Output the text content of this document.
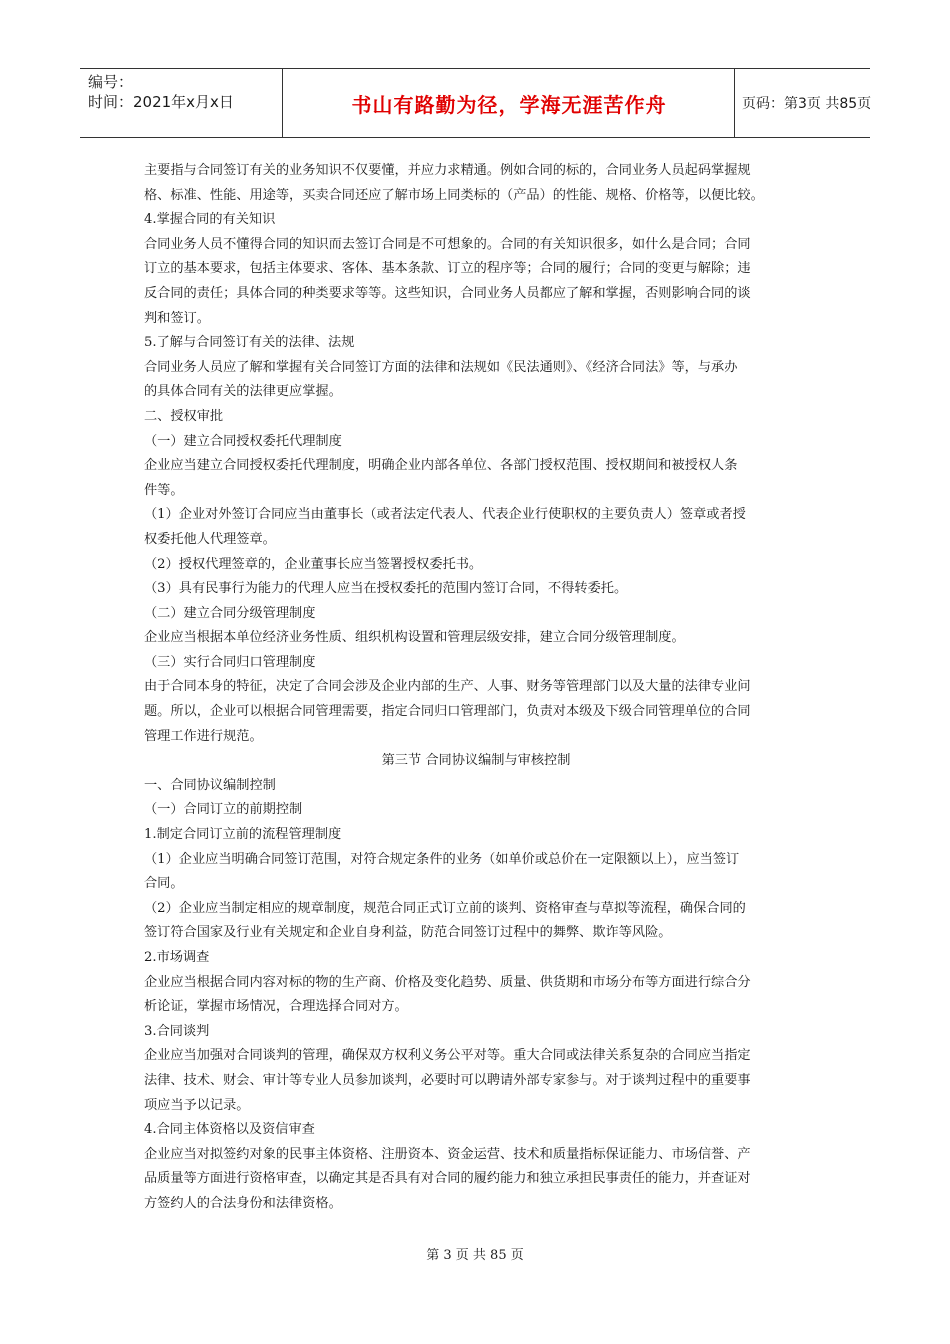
编号：
时间：2021年x月x日	书山有路勤为径，学海无涯苦作舟	页码：第3页 共85页

主要指与合同签订有关的业务知识不仅要懂，并应力求精通。例如合同的标的，合同业务人员起码掌握规

格、标准、性能、用途等，买卖合同还应了解市场上同类标的（产品）的性能、规格、价格等，以便比较。

4.掌握合同的有关知识

合同业务人员不懂得合同的知识而去签订合同是不可想象的。合同的有关知识很多，如什么是合同；合同

订立的基本要求，包括主体要求、客体、基本条款、订立的程序等；合同的履行；合同的变更与解除；违

反合同的责任；具体合同的种类要求等等。这些知识，合同业务人员都应了解和掌握，否则影响合同的谈

判和签订。

5.了解与合同签订有关的法律、法规

合同业务人员应了解和掌握有关合同签订方面的法律和法规如《民法通则》、《经济合同法》等，与承办

的具体合同有关的法律更应掌握。

二、授权审批

（一）建立合同授权委托代理制度

企业应当建立合同授权委托代理制度，明确企业内部各单位、各部门授权范围、授权期间和被授权人条

件等。

（1）企业对外签订合同应当由董事长（或者法定代表人、代表企业行使职权的主要负责人）签章或者授

权委托他人代理签章。

（2）授权代理签章的，企业董事长应当签署授权委托书。

（3）具有民事行为能力的代理人应当在授权委托的范围内签订合同，不得转委托。

（二）建立合同分级管理制度

企业应当根据本单位经济业务性质、组织机构设置和管理层级安排，建立合同分级管理制度。

（三）实行合同归口管理制度

由于合同本身的特征，决定了合同会涉及企业内部的生产、人事、财务等管理部门以及大量的法律专业问

题。所以，企业可以根据合同管理需要，指定合同归口管理部门，负责对本级及下级合同管理单位的合同

管理工作进行规范。

第三节 合同协议编制与审核控制

一、合同协议编制控制

（一）合同订立的前期控制

1.制定合同订立前的流程管理制度

（1）企业应当明确合同签订范围，对符合规定条件的业务（如单价或总价在一定限额以上），应当签订

合同。

（2）企业应当制定相应的规章制度，规范合同正式订立前的谈判、资格审查与草拟等流程，确保合同的

签订符合国家及行业有关规定和企业自身利益，防范合同签订过程中的舞弊、欺诈等风险。

2.市场调查

企业应当根据合同内容对标的物的生产商、价格及变化趋势、质量、供货期和市场分布等方面进行综合分

析论证，掌握市场情况，合理选择合同对方。

3.合同谈判

企业应当加强对合同谈判的管理，确保双方权利义务公平对等。重大合同或法律关系复杂的合同应当指定

法律、技术、财会、审计等专业人员参加谈判，必要时可以聘请外部专家参与。对于谈判过程中的重要事

项应当予以记录。

4.合同主体资格以及资信审查

企业应当对拟签约对象的民事主体资格、注册资本、资金运营、技术和质量指标保证能力、市场信誉、产

品质量等方面进行资格审查，以确定其是否具有对合同的履约能力和独立承担民事责任的能力，并查证对

方签约人的合法身份和法律资格。

第 3 页 共 85 页
